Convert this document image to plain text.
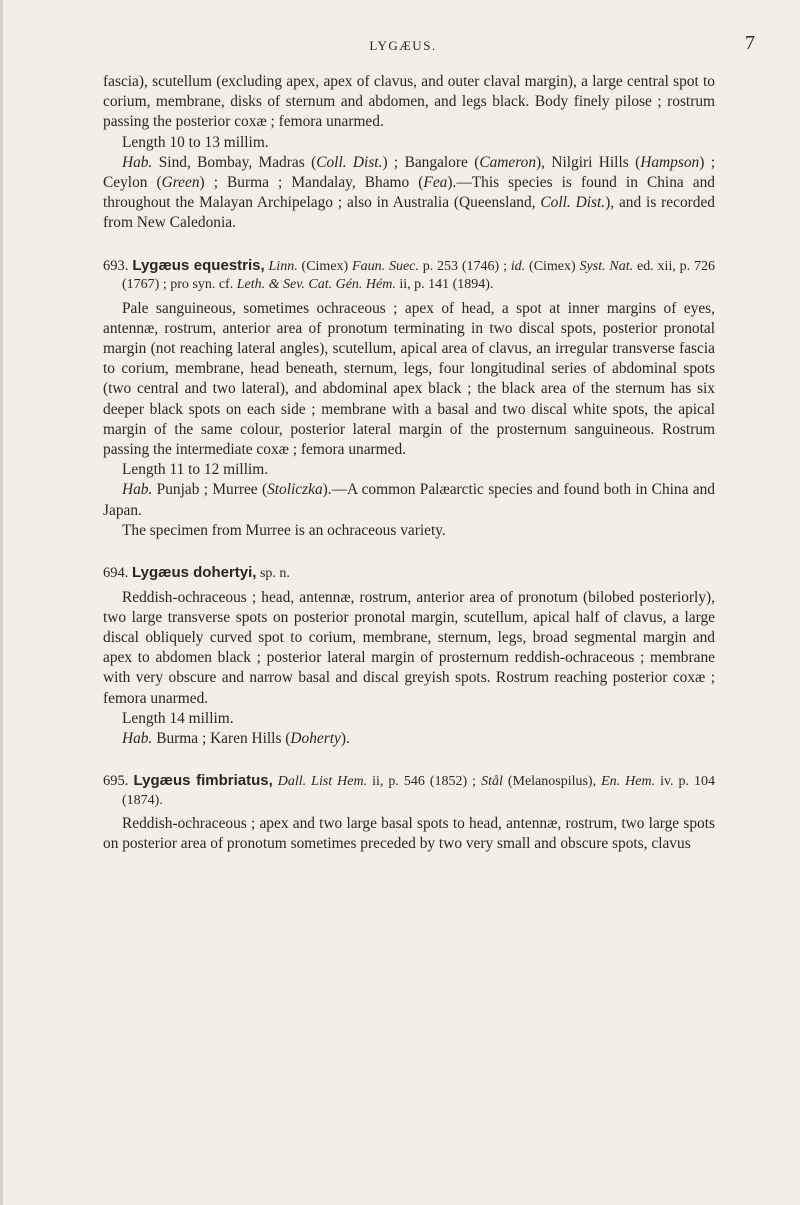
LYGÆUS.	7

fascia), scutellum (excluding apex, apex of clavus, and outer claval margin), a large central spot to corium, membrane, disks of sternum and abdomen, and legs black. Body finely pilose ; rostrum passing the posterior coxæ ; femora unarmed.

Length 10 to 13 millim.

Hab. Sind, Bombay, Madras (Coll. Dist.) ; Bangalore (Cameron), Nilgiri Hills (Hampson) ; Ceylon (Green) ; Burma ; Mandalay, Bhamo (Fea).—This species is found in China and throughout the Malayan Archipelago ; also in Australia (Queensland, Coll. Dist.), and is recorded from New Caledonia.

693. Lygæus equestris, Linn. (Cimex) Faun. Suec. p. 253 (1746) ; id. (Cimex) Syst. Nat. ed. xii, p. 726 (1767) ; pro syn. cf. Leth. & Sev. Cat. Gén. Hém. ii, p. 141 (1894).

Pale sanguineous, sometimes ochraceous ; apex of head, a spot at inner margins of eyes, antennæ, rostrum, anterior area of pronotum terminating in two discal spots, posterior pronotal margin (not reaching lateral angles), scutellum, apical area of clavus, an irregular transverse fascia to corium, membrane, head beneath, sternum, legs, four longitudinal series of abdominal spots (two central and two lateral), and abdominal apex black ; the black area of the sternum has six deeper black spots on each side ; membrane with a basal and two discal white spots, the apical margin of the same colour, posterior lateral margin of the prosternum sanguineous. Rostrum passing the intermediate coxæ ; femora unarmed.

Length 11 to 12 millim.

Hab. Punjab ; Murree (Stoliczka).—A common Palæarctic species and found both in China and Japan.

The specimen from Murree is an ochraceous variety.

694. Lygæus dohertyi, sp. n.

Reddish-ochraceous ; head, antennæ, rostrum, anterior area of pronotum (bilobed posteriorly), two large transverse spots on posterior pronotal margin, scutellum, apical half of clavus, a large discal obliquely curved spot to corium, membrane, sternum, legs, broad segmental margin and apex to abdomen black ; posterior lateral margin of prosternum reddish-ochraceous ; membrane with very obscure and narrow basal and discal greyish spots. Rostrum reaching posterior coxæ ; femora unarmed.

Length 14 millim.

Hab. Burma ; Karen Hills (Doherty).

695. Lygæus fimbriatus, Dall. List Hem. ii, p. 546 (1852) ; Stål (Melanospilus), En. Hem. iv. p. 104 (1874).

Reddish-ochraceous ; apex and two large basal spots to head, antennæ, rostrum, two large spots on posterior area of pronotum sometimes preceded by two very small and obscure spots, clavus
